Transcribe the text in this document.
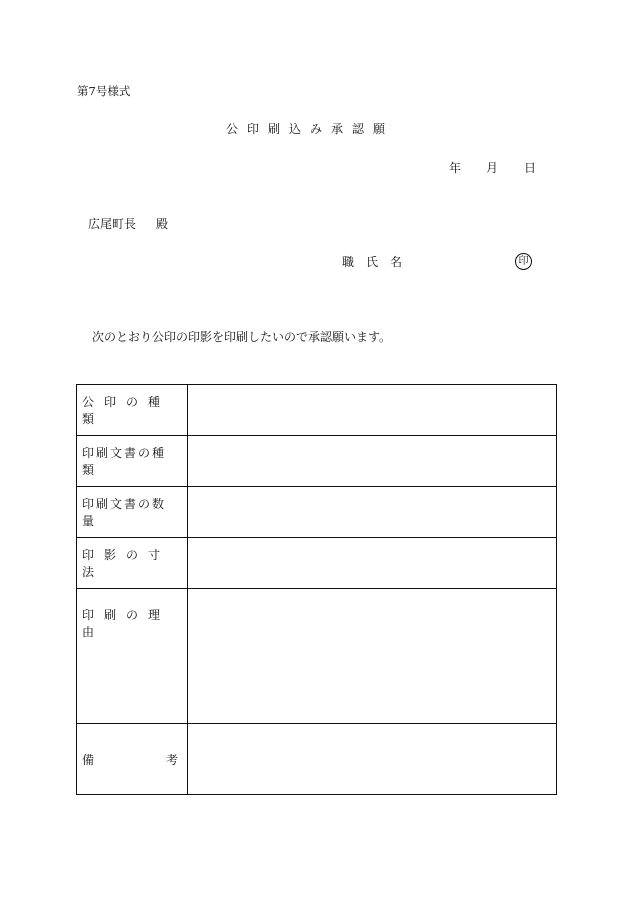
第7号様式
公印刷込み承認願
年 月 日
広尾町長 殿
職氏名	印
次のとおり公印の印影を印刷したいので承認願います。
公印の種類	

印刷文書の種類	

印刷文書の数量	

印影の寸法	

印刷の理由	

備 考	
